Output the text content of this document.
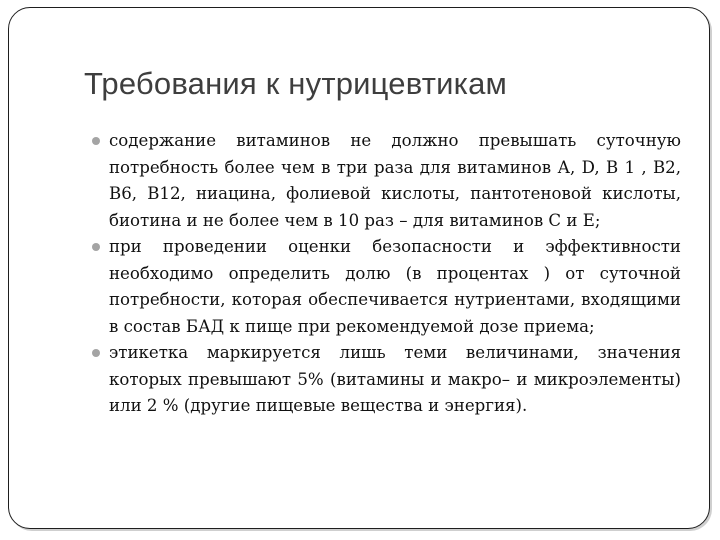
Требования к нутрицевтикам
содержание витаминов не должно превышать суточную потребность более чем в три раза для витаминов А, D, В 1 , В2, В6, В12, ниацина, фолиевой кислоты, пантотеновой кислоты, биотина и не более чем в 10 раз – для витаминов С и Е;
при проведении оценки безопасности и эффективности необходимо определить долю (в процентах ) от суточной потребности, которая обеспечивается нутриентами, входящими в состав БАД к пище при рекомендуемой дозе приема;
этикетка маркируется лишь теми величинами, значения которых превышают 5% (витамины и макро– и микроэлементы) или 2 % (другие пищевые вещества и энергия).
